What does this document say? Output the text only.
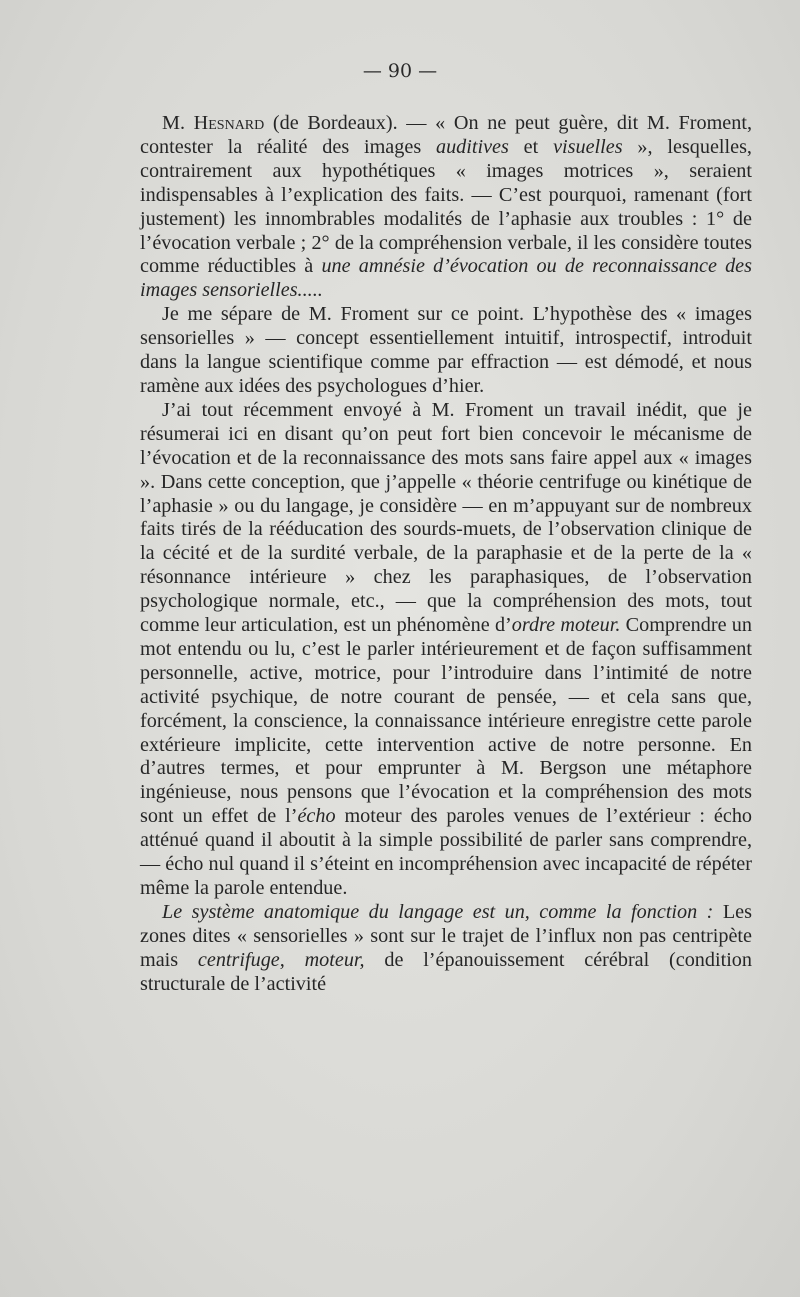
— 90 —

M. Hesnard (de Bordeaux). — « On ne peut guère, dit M. Froment, contester la réalité des images auditives et visuelles », lesquelles, contrairement aux hypothétiques « images motrices », seraient indispensables à l’explication des faits. — C’est pourquoi, ramenant (fort justement) les innombrables modalités de l’aphasie aux troubles : 1° de l’évocation verbale ; 2° de la compréhension verbale, il les considère toutes comme réductibles à une amnésie d’évocation ou de reconnaissance des images sensorielles.....

Je me sépare de M. Froment sur ce point. L’hypothèse des « images sensorielles » — concept essentiellement intuitif, introspectif, introduit dans la langue scientifique comme par effraction — est démodé, et nous ramène aux idées des psychologues d’hier.

J’ai tout récemment envoyé à M. Froment un travail inédit, que je résumerai ici en disant qu’on peut fort bien concevoir le mécanisme de l’évocation et de la reconnaissance des mots sans faire appel aux « images ». Dans cette conception, que j’appelle « théorie centrifuge ou kinétique de l’aphasie » ou du langage, je considère — en m’appuyant sur de nombreux faits tirés de la rééducation des sourds-muets, de l’observation clinique de la cécité et de la surdité verbale, de la paraphasie et de la perte de la « résonnance intérieure » chez les paraphasiques, de l’observation psychologique normale, etc., — que la compréhension des mots, tout comme leur articulation, est un phénomène d’ordre moteur. Comprendre un mot entendu ou lu, c’est le parler intérieurement et de façon suffisamment personnelle, active, motrice, pour l’introduire dans l’intimité de notre activité psychique, de notre courant de pensée, — et cela sans que, forcément, la conscience, la connaissance intérieure enregistre cette parole extérieure implicite, cette intervention active de notre personne. En d’autres termes, et pour emprunter à M. Bergson une métaphore ingénieuse, nous pensons que l’évocation et la compréhension des mots sont un effet de l’écho moteur des paroles venues de l’extérieur : écho atténué quand il aboutit à la simple possibilité de parler sans comprendre, — écho nul quand il s’éteint en incompréhension avec incapacité de répéter même la parole entendue.

Le système anatomique du langage est un, comme la fonction : Les zones dites « sensorielles » sont sur le trajet de l’influx non pas centripète mais centrifuge, moteur, de l’épanouissement cérébral (condition structurale de l’activité
